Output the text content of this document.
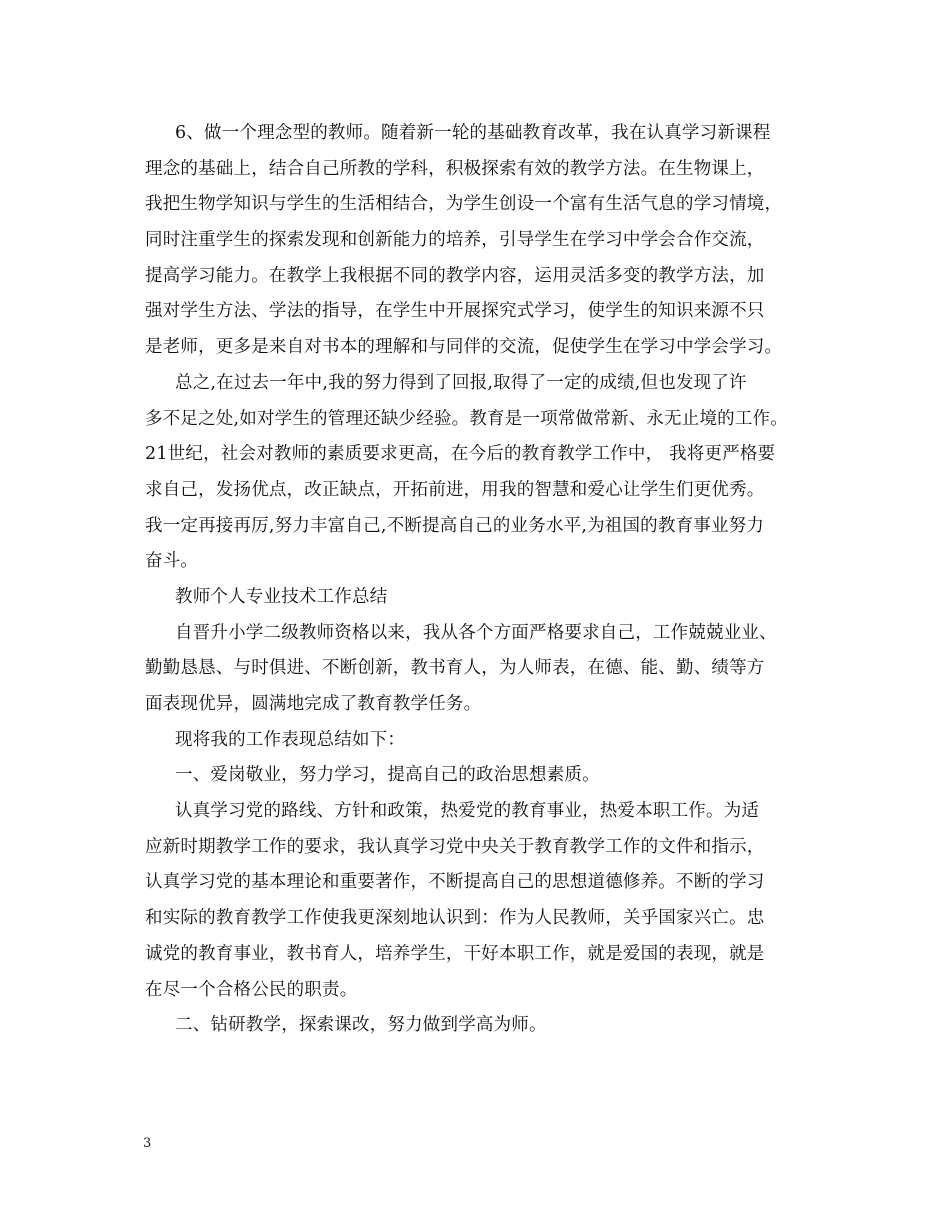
6、做一个理念型的教师。随着新一轮的基础教育改革，我在认真学习新课程
理念的基础上，结合自己所教的学科，积极探索有效的教学方法。在生物课上，
我把生物学知识与学生的生活相结合，为学生创设一个富有生活气息的学习情境，
同时注重学生的探索发现和创新能力的培养，引导学生在学习中学会合作交流，
提高学习能力。在教学上我根据不同的教学内容，运用灵活多变的教学方法，加
强对学生方法、学法的指导，在学生中开展探究式学习，使学生的知识来源不只
是老师，更多是来自对书本的理解和与同伴的交流，促使学生在学习中学会学习。
总之,在过去一年中,我的努力得到了回报,取得了一定的成绩,但也发现了许
多不足之处,如对学生的管理还缺少经验。教育是一项常做常新、永无止境的工作。
21世纪，社会对教师的素质要求更高，在今后的教育教学工作中， 我将更严格要
求自己，发扬优点，改正缺点，开拓前进，用我的智慧和爱心让学生们更优秀。
我一定再接再厉,努力丰富自己,不断提高自己的业务水平,为祖国的教育事业努力
奋斗。
教师个人专业技术工作总结
自晋升小学二级教师资格以来，我从各个方面严格要求自己，工作兢兢业业、
勤勤恳恳、与时俱进、不断创新，教书育人，为人师表，在德、能、勤、绩等方
面表现优异，圆满地完成了教育教学任务。
现将我的工作表现总结如下：
一、爱岗敬业，努力学习，提高自己的政治思想素质。
认真学习党的路线、方针和政策，热爱党的教育事业，热爱本职工作。为适
应新时期教学工作的要求，我认真学习党中央关于教育教学工作的文件和指示，
认真学习党的基本理论和重要著作，不断提高自己的思想道德修养。不断的学习
和实际的教育教学工作使我更深刻地认识到：作为人民教师，关乎国家兴亡。忠
诚党的教育事业，教书育人，培养学生，干好本职工作，就是爱国的表现，就是
在尽一个合格公民的职责。
二、钻研教学，探索课改，努力做到学高为师。
3
